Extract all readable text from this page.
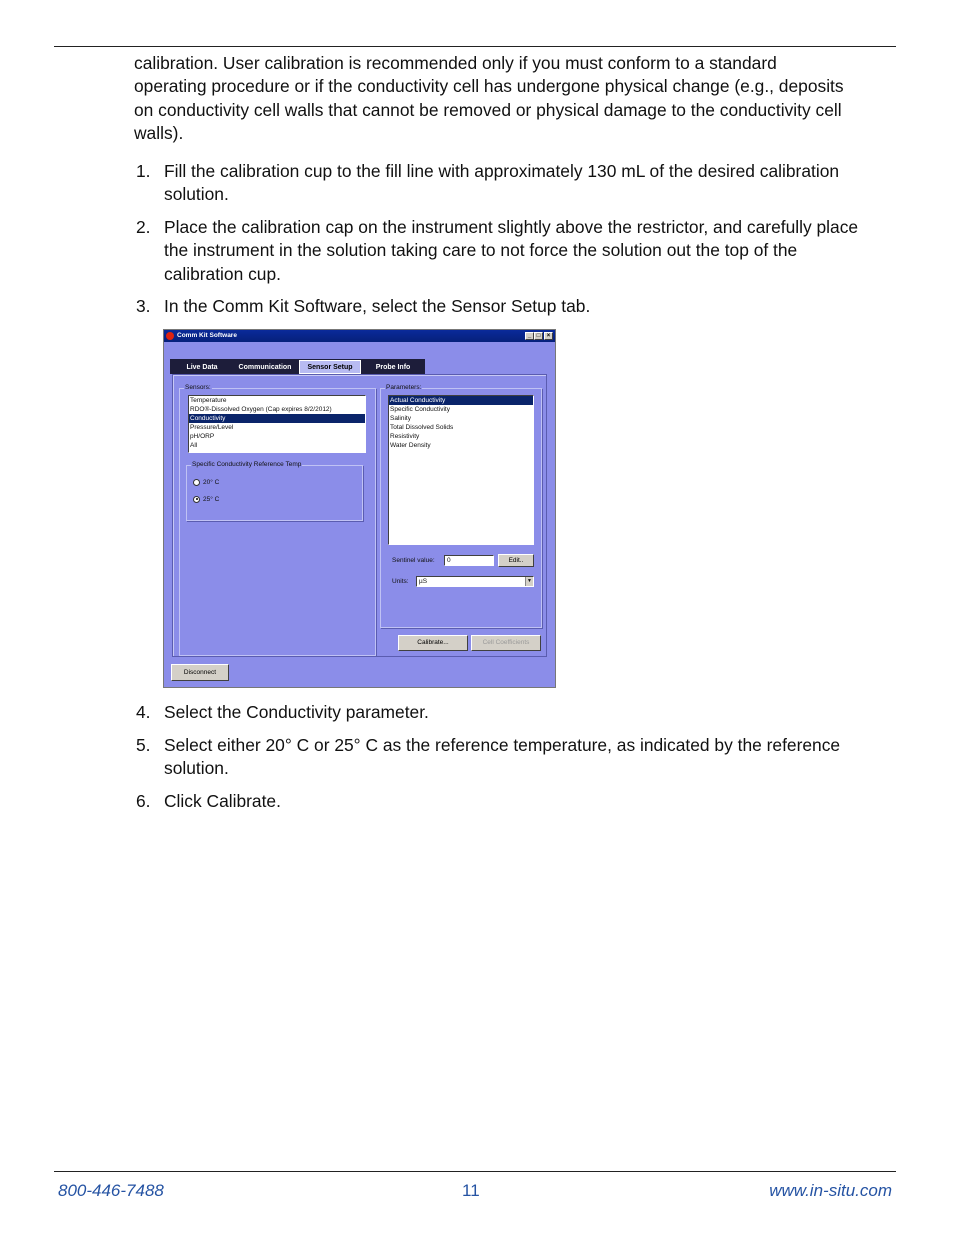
calibration. User calibration is recommended only if you must conform to a standard operating procedure or if the conductivity cell has undergone physical change (e.g., deposits on conductivity cell walls that cannot be removed or physical damage to the conductivity cell walls).

1. Fill the calibration cup to the fill line with approximately 130 mL of the desired calibration solution.
2. Place the calibration cap on the instrument slightly above the restrictor, and carefully place the instrument in the solution taking care to not force the solution out the top of the calibration cup.
3. In the Comm Kit Software, select the Sensor Setup tab.
Comm Kit Software	_ □	×
Live Data	Communication	Sensor Setup	Probe Info
Sensors:
Temperature
RDO®-Dissolved Oxygen (Cap expires 8/2/2012)
Conductivity
Pressure/Level
pH/ORP
All
Specific Conductivity Reference Temp
20° C
25° C
Parameters:
Actual Conductivity
Specific Conductivity
Salinity
Total Dissolved Solids
Resistivity
Water Density
Sentinel value:	0	Edit..
Units:	µS	▼
Calibrate...	Cell Coefficients
Disconnect
4. Select the Conductivity parameter.
5. Select either 20° C or 25° C as the reference temperature, as indicated by the reference solution.
6. Click Calibrate.
800-446-7488	11	www.in-situ.com
